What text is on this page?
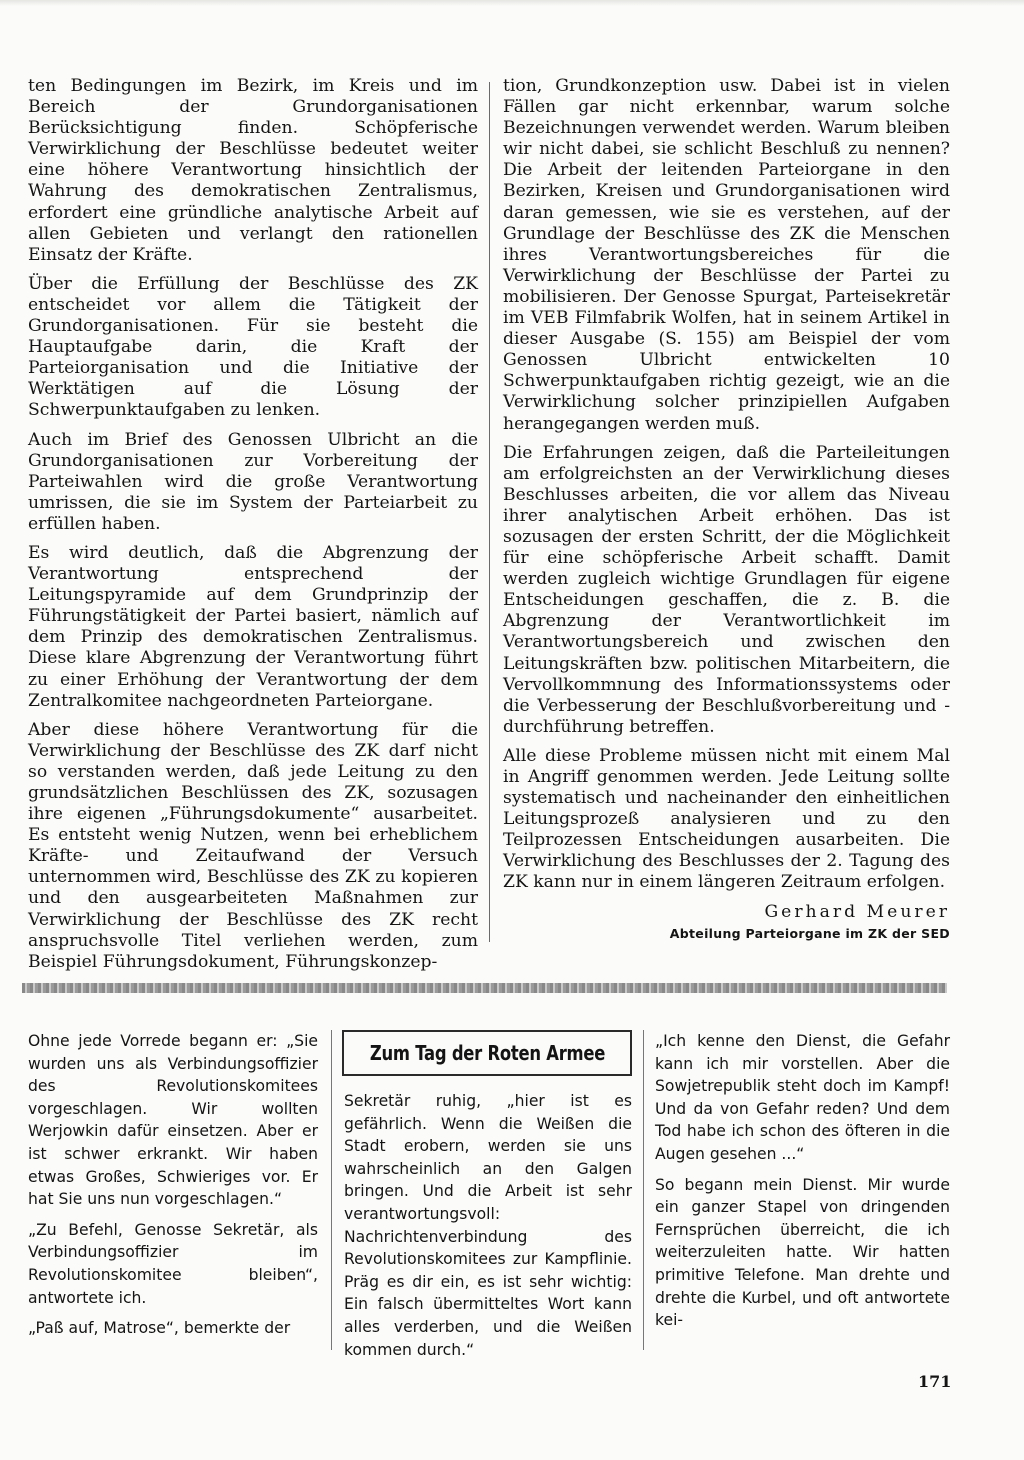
ten Bedingungen im Bezirk, im Kreis und im Bereich der Grundorganisationen Berücksichtigung finden. Schöpferische Verwirklichung der Beschlüsse bedeutet weiter eine höhere Verantwortung hinsichtlich der Wahrung des demokratischen Zentralismus, erfordert eine gründliche analytische Arbeit auf allen Gebieten und verlangt den rationellen Einsatz der Kräfte.

Über die Erfüllung der Beschlüsse des ZK entscheidet vor allem die Tätigkeit der Grundorganisationen. Für sie besteht die Hauptaufgabe darin, die Kraft der Parteiorganisation und die Initiative der Werktätigen auf die Lösung der Schwerpunktaufgaben zu lenken.

Auch im Brief des Genossen Ulbricht an die Grundorganisationen zur Vorbereitung der Parteiwahlen wird die große Verantwortung umrissen, die sie im System der Parteiarbeit zu erfüllen haben.

Es wird deutlich, daß die Abgrenzung der Verantwortung entsprechend der Leitungspyramide auf dem Grundprinzip der Führungstätigkeit der Partei basiert, nämlich auf dem Prinzip des demokratischen Zentralismus. Diese klare Abgrenzung der Verantwortung führt zu einer Erhöhung der Verantwortung der dem Zentralkomitee nachgeordneten Parteiorgane.

Aber diese höhere Verantwortung für die Verwirklichung der Beschlüsse des ZK darf nicht so verstanden werden, daß jede Leitung zu den grundsätzlichen Beschlüssen des ZK, sozusagen ihre eigenen „Führungsdokumente“ ausarbeitet. Es entsteht wenig Nutzen, wenn bei erheblichem Kräfte- und Zeitaufwand der Versuch unternommen wird, Beschlüsse des ZK zu kopieren und den ausgearbeiteten Maßnahmen zur Verwirklichung der Beschlüsse des ZK recht anspruchsvolle Titel verliehen werden, zum Beispiel Führungsdokument, Führungskonzep-

tion, Grundkonzeption usw. Dabei ist in vielen Fällen gar nicht erkennbar, warum solche Bezeichnungen verwendet werden. Warum bleiben wir nicht dabei, sie schlicht Beschluß zu nennen? Die Arbeit der leitenden Parteiorgane in den Bezirken, Kreisen und Grundorganisationen wird daran gemessen, wie sie es verstehen, auf der Grundlage der Beschlüsse des ZK die Menschen ihres Verantwortungsbereiches für die Verwirklichung der Beschlüsse der Partei zu mobilisieren. Der Genosse Spurgat, Parteisekretär im VEB Filmfabrik Wolfen, hat in seinem Artikel in dieser Ausgabe (S. 155) am Beispiel der vom Genossen Ulbricht entwickelten 10 Schwerpunktaufgaben richtig gezeigt, wie an die Verwirklichung solcher prinzipiellen Aufgaben herangegangen werden muß.

Die Erfahrungen zeigen, daß die Parteileitungen am erfolgreichsten an der Verwirklichung dieses Beschlusses arbeiten, die vor allem das Niveau ihrer analytischen Arbeit erhöhen. Das ist sozusagen der ersten Schritt, der die Möglichkeit für eine schöpferische Arbeit schafft. Damit werden zugleich wichtige Grundlagen für eigene Entscheidungen geschaffen, die z. B. die Abgrenzung der Verantwortlichkeit im Verantwortungsbereich und zwischen den Leitungskräften bzw. politischen Mitarbeitern, die Vervollkommnung des Informationssystems oder die Verbesserung der Beschlußvorbereitung und -durchführung betreffen.

Alle diese Probleme müssen nicht mit einem Mal in Angriff genommen werden. Jede Leitung sollte systematisch und nacheinander den einheitlichen Leitungsprozeß analysieren und zu den Teilprozessen Entscheidungen ausarbeiten. Die Verwirklichung des Beschlusses der 2. Tagung des ZK kann nur in einem längeren Zeitraum erfolgen.

Gerhard Meurer
Abteilung Parteiorgane im ZK der SED

Ohne jede Vorrede begann er: „Sie wurden uns als Verbindungsoffizier des Revolutionskomitees vorgeschlagen. Wir wollten Werjowkin dafür einsetzen. Aber er ist schwer erkrankt. Wir haben etwas Großes, Schwieriges vor. Er hat Sie uns nun vorgeschlagen.“

„Zu Befehl, Genosse Sekretär, als Verbindungsoffizier im Revolutionskomitee bleiben“, antwortete ich.

„Paß auf, Matrose“, bemerkte der

Zum Tag der Roten Armee

Sekretär ruhig, „hier ist es gefährlich. Wenn die Weißen die Stadt erobern, werden sie uns wahrscheinlich an den Galgen bringen. Und die Arbeit ist sehr verantwortungsvoll: Nachrichtenverbindung des Revolutionskomitees zur Kampflinie. Präg es dir ein, es ist sehr wichtig: Ein falsch übermitteltes Wort kann alles verderben, und die Weißen kommen durch.“

„Ich kenne den Dienst, die Gefahr kann ich mir vorstellen. Aber die Sowjetrepublik steht doch im Kampf! Und da von Gefahr reden? Und dem Tod habe ich schon des öfteren in die Augen gesehen ...“

So begann mein Dienst. Mir wurde ein ganzer Stapel von dringenden Fernsprüchen überreicht, die ich weiterzuleiten hatte. Wir hatten primitive Telefone. Man drehte und drehte die Kurbel, und oft antwortete kei-

171
